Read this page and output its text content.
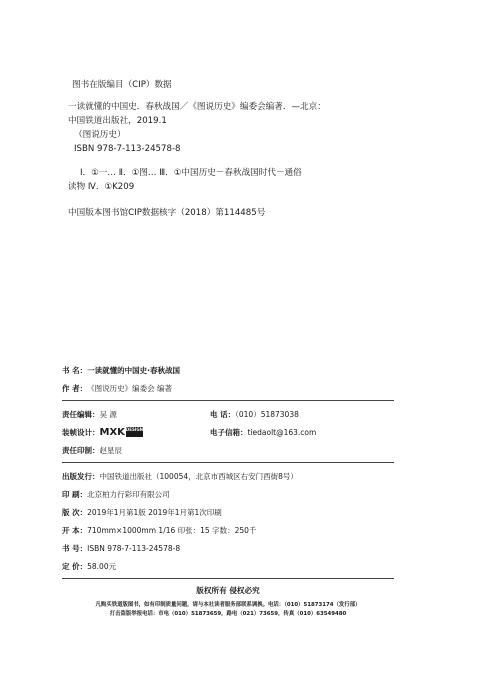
图书在版编目（CIP）数据
一读就懂的中国史．春秋战国／《图说历史》编委会编著．—北京：
中国铁道出版社，2019.1
（图说历史）
ISBN 978-7-113-24578-8
Ⅰ．①一… Ⅱ．①图… Ⅲ．①中国历史－春秋战国时代－通俗
读物 Ⅳ．①K209
中国版本图书馆CIP数据核字（2018）第114485号
书 名： 一读就懂的中国史·春秋战国
作 者： 《图说历史》编委会 编著
责任编辑： 吴 源	电 话：（010）51873038
装帧设计： MXKDESIGN STUDIO	电子信箱：tiedaolt@163.com
责任印制： 赵星辰
出版发行： 中国铁道出版社（100054，北京市西城区右安门西街8号）
印 刷： 北京柏力行彩印有限公司
版 次： 2019年1月第1版 2019年1月第1次印刷
开 本： 710mm×1000mm 1/16 印张：15 字数：250千
书 号： ISBN 978-7-113-24578-8
定 价： 58.00元
版权所有 侵权必究
凡购买铁道版图书，如有印制质量问题，请与本社读者服务部联系调换。电话：（010）51873174（发行部）
打击盗版举报电话：市电（010）51873659，路电（021）73659，传真（010）63549480
